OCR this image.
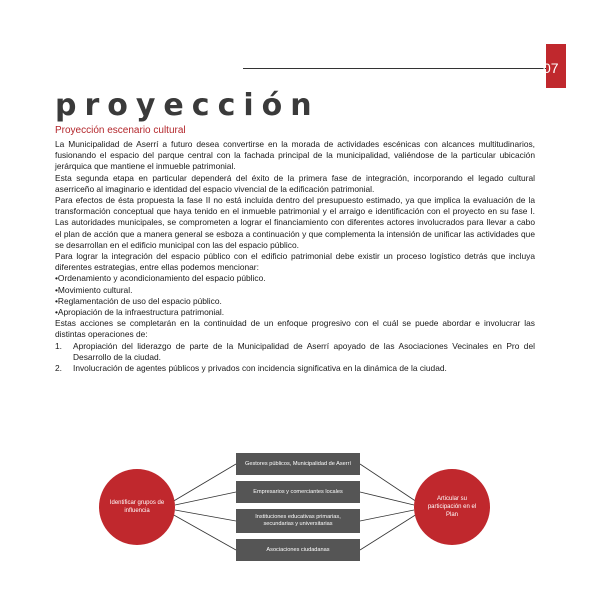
07
proyección
Proyección escenario cultural

La Municipalidad de Aserrí a futuro desea convertirse en la morada de actividades escénicas con alcances multitudinarios, fusionando el espacio del parque central con la fachada principal de la municipalidad, valiéndose de la particular ubicación jerárquica que mantiene el inmueble patrimonial.

Esta segunda etapa en particular dependerá del éxito de la primera fase de integración, incorporando el legado cultural aserriceño al imaginario e identidad del espacio vivencial de la edificación patrimonial.

Para efectos de ésta propuesta la fase II no está incluida dentro del presupuesto estimado, ya que implica la evaluación de la transformación conceptual que haya tenido en el inmueble patrimonial y el arraigo e identificación con el proyecto en su fase I. Las autoridades municipales, se comprometen a lograr el financiamiento con diferentes actores involucrados para llevar a cabo el plan de acción que a manera general se esboza a continuación y que complementa la intensión de unificar las actividades que se desarrollan en el edificio municipal con las del espacio público.

Para lograr la integración del espacio público con el edificio patrimonial debe existir un proceso logístico detrás que incluya diferentes estrategias, entre ellas podemos mencionar:

•Ordenamiento y acondicionamiento del espacio público.

•Movimiento cultural.

•Reglamentación de uso del espacio público.

•Apropiación de la infraestructura patrimonial.

Estas acciones se completarán en la continuidad de un enfoque progresivo con el cuál se puede abordar e involucrar las distintas operaciones de:

1.	Apropiación del liderazgo de parte de la Municipalidad de Aserrí apoyado de las Asociaciones Vecinales en Pro del Desarrollo de la ciudad.
2.	Involucración de agentes públicos y privados con incidencia significativa en la dinámica de la ciudad.
Identificar grupos de influencia
Articular su participación en el Plan
Gestores públicos, Municipalidad de Aserrí
Empresarios y comerciantes locales
Instituciones educativas primarias, secundarias y universitarias
Asociaciones ciudadanas
